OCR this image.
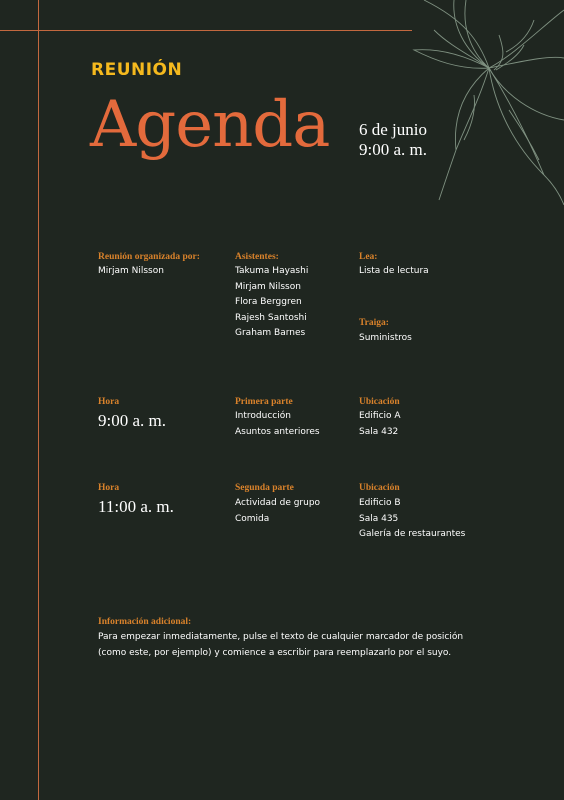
REUNIÓN
Agenda 6 de junio
9:00 a. m.
Reunión organizada por:
Mirjam Nilsson
Asistentes:
Takuma Hayashi
Mirjam Nilsson
Flora Berggren
Rajesh Santoshi
Graham Barnes
Lea:
Lista de lectura
Traiga:
Suministros
Hora
9:00 a. m.
Primera parte
Introducción
Asuntos anteriores
Ubicación
Edificio A
Sala 432
Hora
11:00 a. m.
Segunda parte
Actividad de grupo
Comida
Ubicación
Edificio B
Sala 435
Galería de restaurantes
Información adicional:
Para empezar inmediatamente, pulse el texto de cualquier marcador de posición (como este, por ejemplo) y comience a escribir para reemplazarlo por el suyo.
